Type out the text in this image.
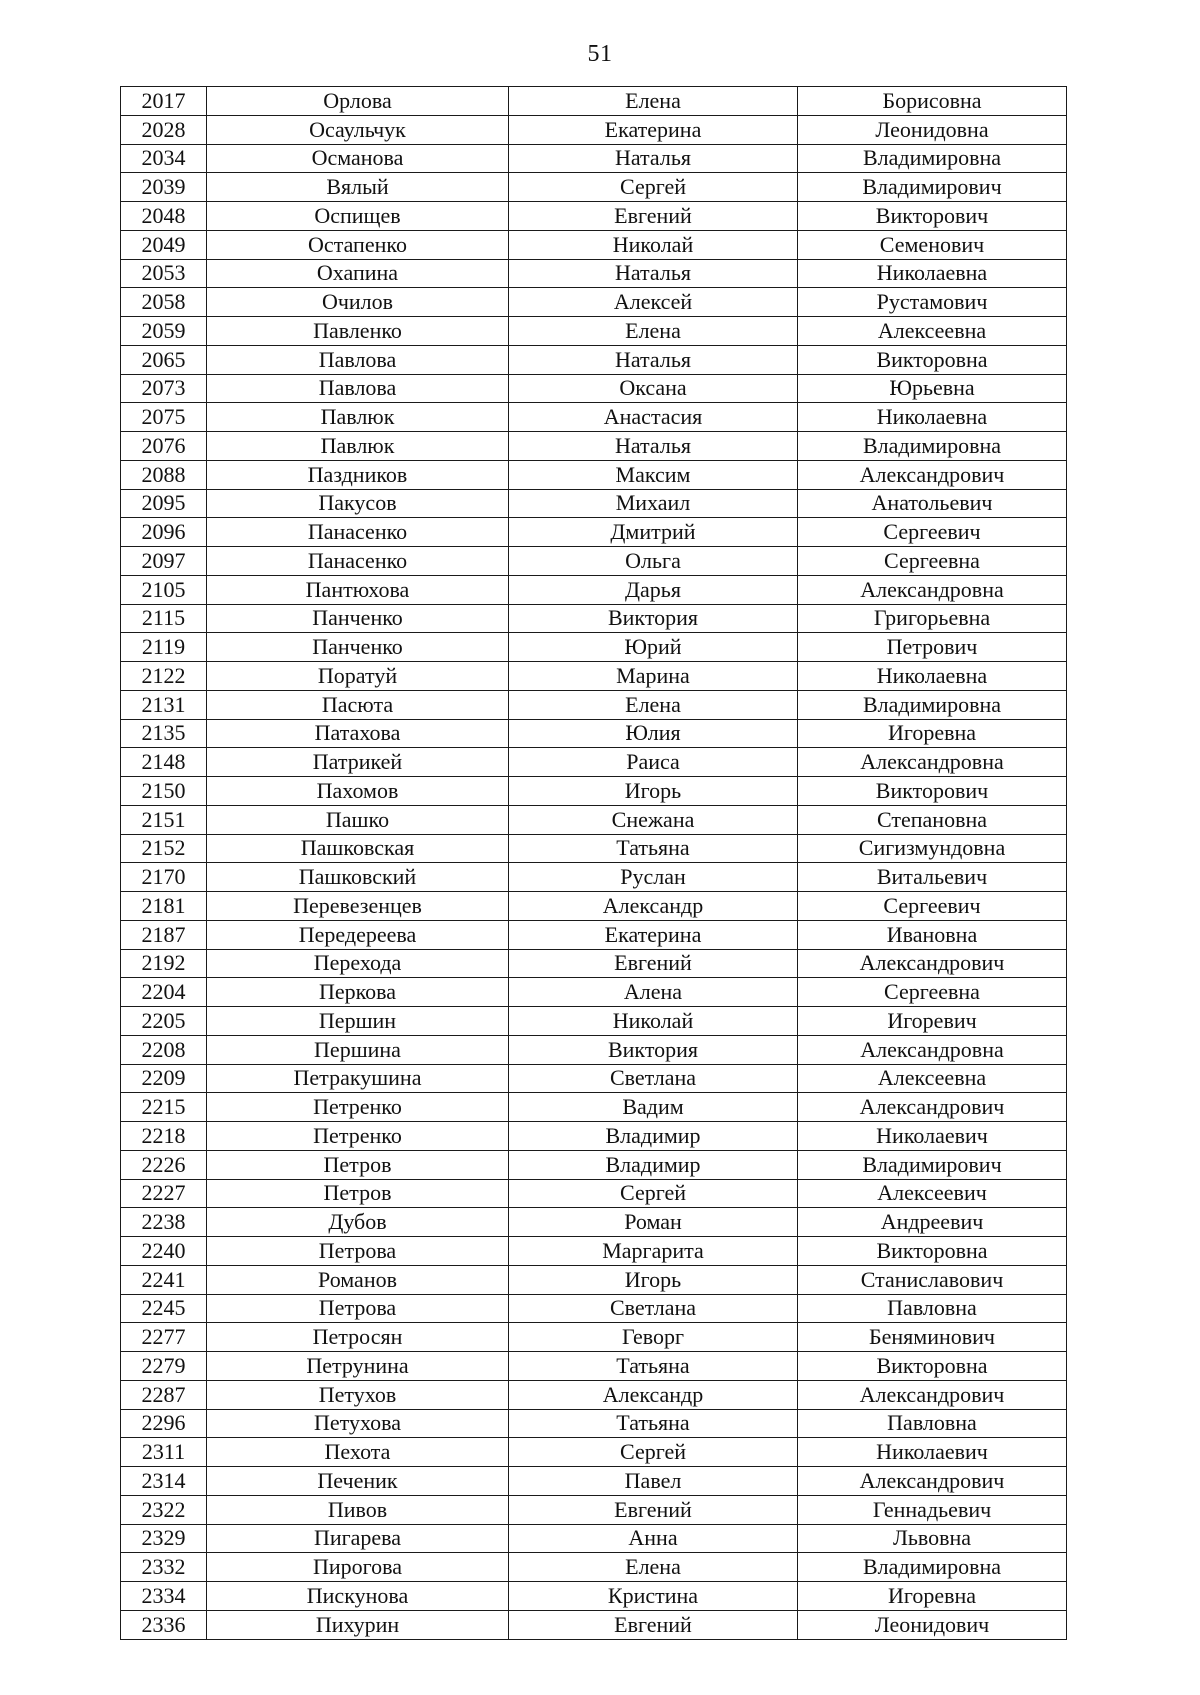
51
2017	Орлова	Елена	Борисовна
2028	Осаульчук	Екатерина	Леонидовна
2034	Османова	Наталья	Владимировна
2039	Вялый	Сергей	Владимирович
2048	Оспищев	Евгений	Викторович
2049	Остапенко	Николай	Семенович
2053	Охапина	Наталья	Николаевна
2058	Очилов	Алексей	Рустамович
2059	Павленко	Елена	Алексеевна
2065	Павлова	Наталья	Викторовна
2073	Павлова	Оксана	Юрьевна
2075	Павлюк	Анастасия	Николаевна
2076	Павлюк	Наталья	Владимировна
2088	Паздников	Максим	Александрович
2095	Пакусов	Михаил	Анатольевич
2096	Панасенко	Дмитрий	Сергеевич
2097	Панасенко	Ольга	Сергеевна
2105	Пантюхова	Дарья	Александровна
2115	Панченко	Виктория	Григорьевна
2119	Панченко	Юрий	Петрович
2122	Поратуй	Марина	Николаевна
2131	Пасюта	Елена	Владимировна
2135	Патахова	Юлия	Игоревна
2148	Патрикей	Раиса	Александровна
2150	Пахомов	Игорь	Викторович
2151	Пашко	Снежана	Степановна
2152	Пашковская	Татьяна	Сигизмундовна
2170	Пашковский	Руслан	Витальевич
2181	Перевезенцев	Александр	Сергеевич
2187	Передереева	Екатерина	Ивановна
2192	Перехода	Евгений	Александрович
2204	Перкова	Алена	Сергеевна
2205	Першин	Николай	Игоревич
2208	Першина	Виктория	Александровна
2209	Петракушина	Светлана	Алексеевна
2215	Петренко	Вадим	Александрович
2218	Петренко	Владимир	Николаевич
2226	Петров	Владимир	Владимирович
2227	Петров	Сергей	Алексеевич
2238	Дубов	Роман	Андреевич
2240	Петрова	Маргарита	Викторовна
2241	Романов	Игорь	Станиславович
2245	Петрова	Светлана	Павловна
2277	Петросян	Геворг	Беняминович
2279	Петрунина	Татьяна	Викторовна
2287	Петухов	Александр	Александрович
2296	Петухова	Татьяна	Павловна
2311	Пехота	Сергей	Николаевич
2314	Печеник	Павел	Александрович
2322	Пивов	Евгений	Геннадьевич
2329	Пигарева	Анна	Львовна
2332	Пирогова	Елена	Владимировна
2334	Пискунова	Кристина	Игоревна
2336	Пихурин	Евгений	Леонидович
